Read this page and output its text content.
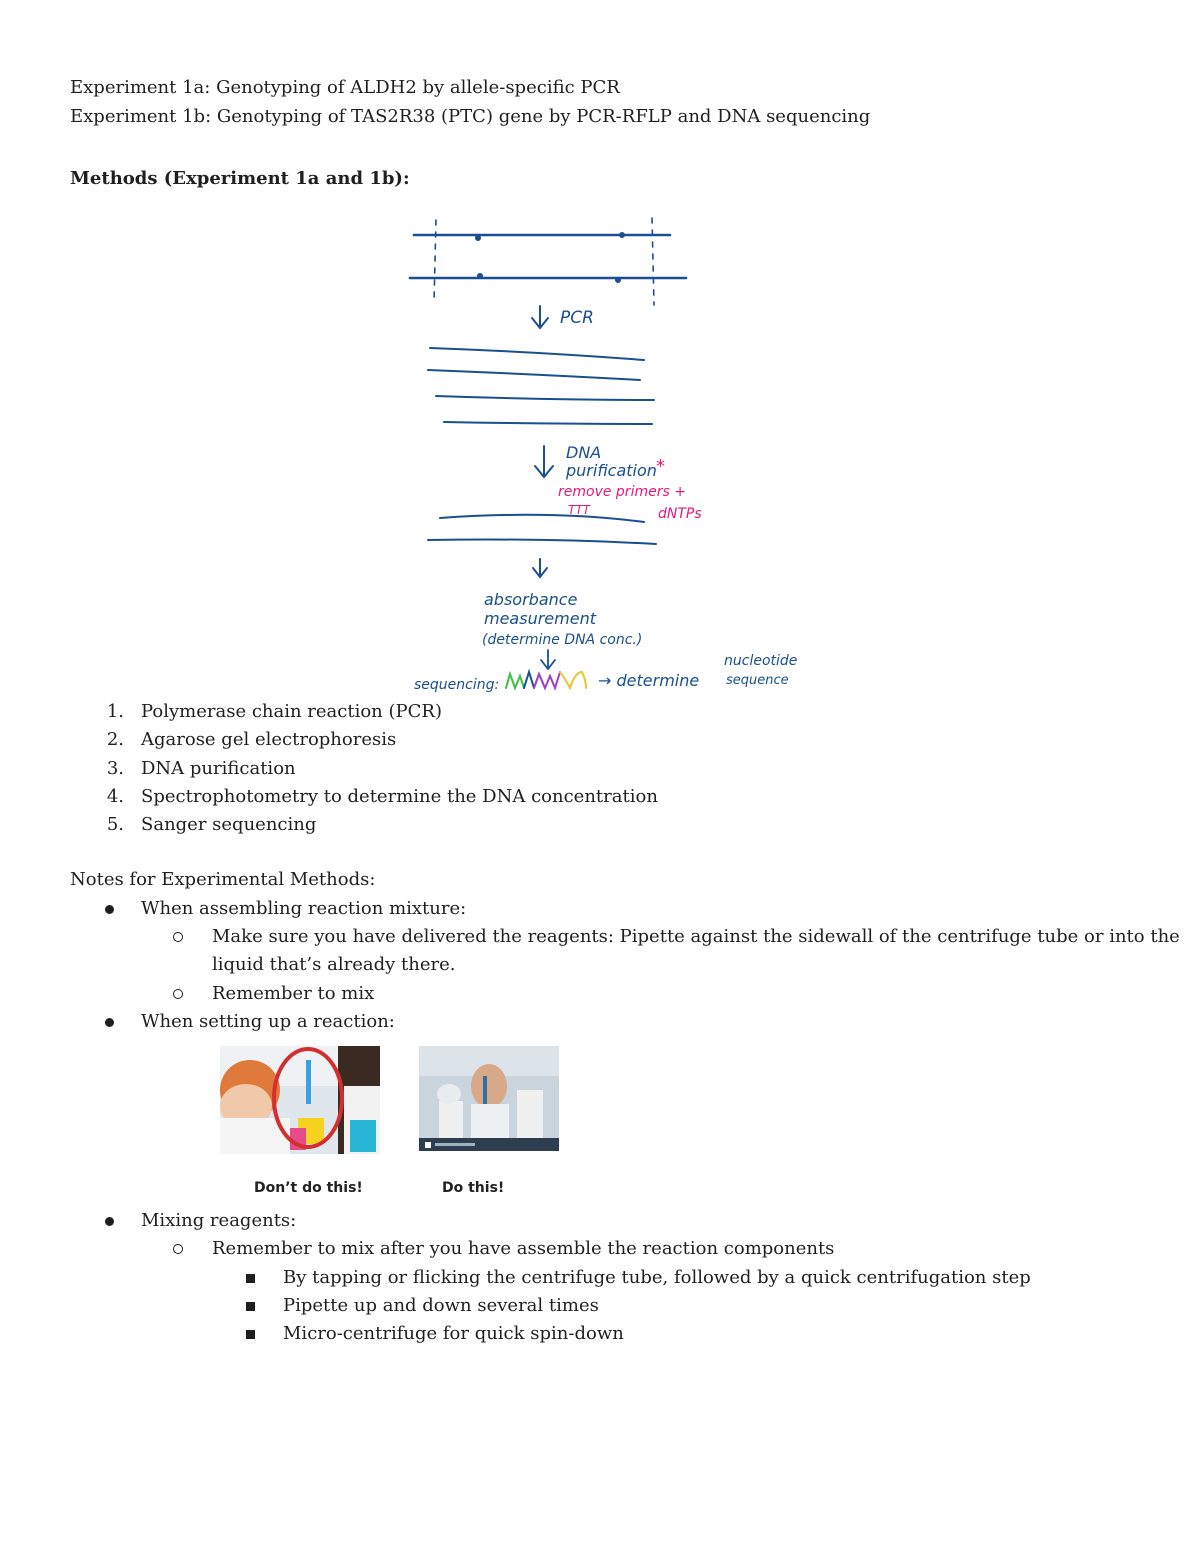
Experiment 1a: Genotyping of ALDH2 by allele-specific PCR
Experiment 1b: Genotyping of TAS2R38 (PTC) gene by PCR-RFLP and DNA sequencing
Methods (Experiment 1a and 1b):
PCR
DNA
purification
absorbance
measurement
(determine DNA conc.)
sequencing:	→ determine
nucleotide
sequence
*
remove primers +
TTT	dNTPs
1. Polymerase chain reaction (PCR)
2. Agarose gel electrophoresis
3. DNA purification
4. Spectrophotometry to determine the DNA concentration
5. Sanger sequencing
Notes for Experimental Methods:
When assembling reaction mixture:
Make sure you have delivered the reagents: Pipette against the sidewall of the centrifuge tube or into the
liquid that’s already there.
Remember to mix
When setting up a reaction:
Don’t do this!	Do this!
Mixing reagents:
Remember to mix after you have assemble the reaction components
By tapping or flicking the centrifuge tube, followed by a quick centrifugation step
Pipette up and down several times
Micro-centrifuge for quick spin-down
